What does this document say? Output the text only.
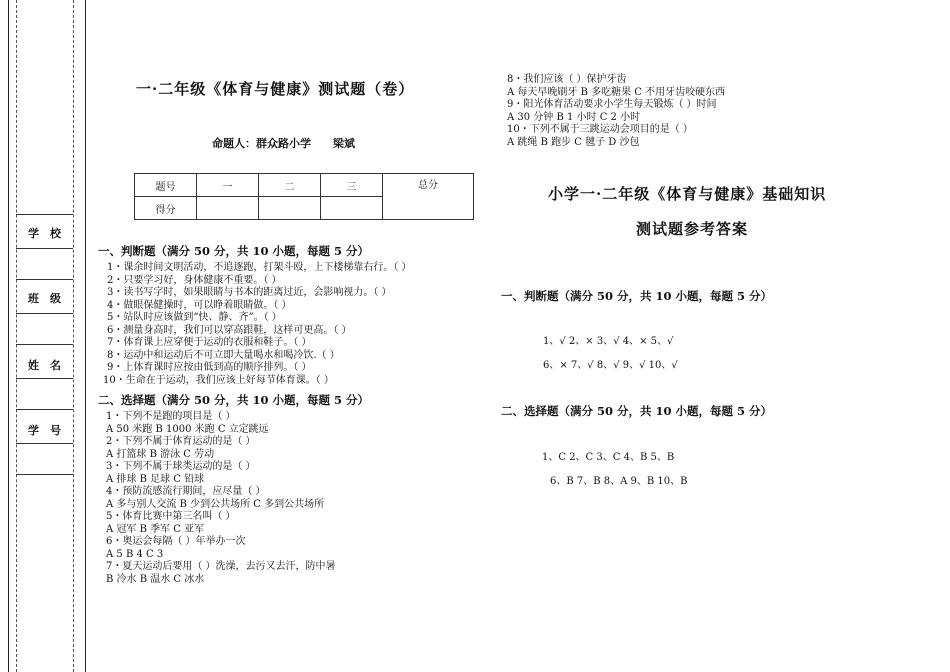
学 校
班 级
姓 名
学 号
一·二年级《体育与健康》测试题（卷）
命题人：群众路小学 梁斌
题号	一	二	三	总分
得分				
一、判断题（满分 50 分，共 10 小题，每题 5 分）
1・课余时间文明活动，不追逐跑，打架斗殴，上下楼梯靠右行。（ ）
2・只要学习好，身体健康不重要。（ ）
3・读书写字时，如果眼睛与书本的距离过近，会影响视力。（ ）
4・做眼保健操时，可以睁着眼睛做。（ ）
5・站队时应该做到“快、静、齐”。（ ）
6・测量身高时，我们可以穿高跟鞋，这样可更高。（ ）
7・体育课上应穿便于运动的衣服和鞋子。（ ）
8・运动中和运动后不可立即大量喝水和喝冷饮.（ ）
9・上体育课时应按由低到高的顺序排列。（ ）
10・生命在于运动，我们应该上好每节体育课。（ ）
二、选择题（满分 50 分，共 10 小题，每题 5 分）
1・下列不是跑的项目是（ ）
A 50 米跑 B 1000 米跑 C 立定跳远
2・下列不属于体育运动的是（ ）
A 打篮球 B 游泳 C 劳动
3・下列不属于球类运动的是（ ）
A 排球 B 足球 C 铅球
4・预防流感流行期间，应尽量（ ）
A 多与别人交流 B 少到公共场所 C 多到公共场所
5・体育比赛中第三名叫（ ）
A 冠军 B 季军 C 亚军
6・奥运会每隔（ ）年举办一次
A 5 B 4 C 3
7・夏天运动后要用（ ）洗澡，去污又去汗，防中暑
B 冷水 B 温水 C 冰水
8・我们应该（ ）保护牙齿
A 每天早晚刷牙 B 多吃糖果 C 不用牙齿咬硬东西
9・阳光体育活动要求小学生每天锻炼（ ）时间
A 30 分钟 B 1 小时 C 2 小时
10・下列不属于三跳运动会项目的是（ ）
A 跳绳 B 跑步 C 毽子 D 沙包
小学一·二年级《体育与健康》基础知识
测试题参考答案
一、判断题（满分 50 分，共 10 小题，每题 5 分）
1、√ 2、× 3、√ 4、× 5、√
6、× 7、√ 8、√ 9、√ 10、√
二、选择题（满分 50 分，共 10 小题，每题 5 分）
1、C 2、C 3、C 4、B 5、B
6、B 7、B 8、A 9、B 10、B
